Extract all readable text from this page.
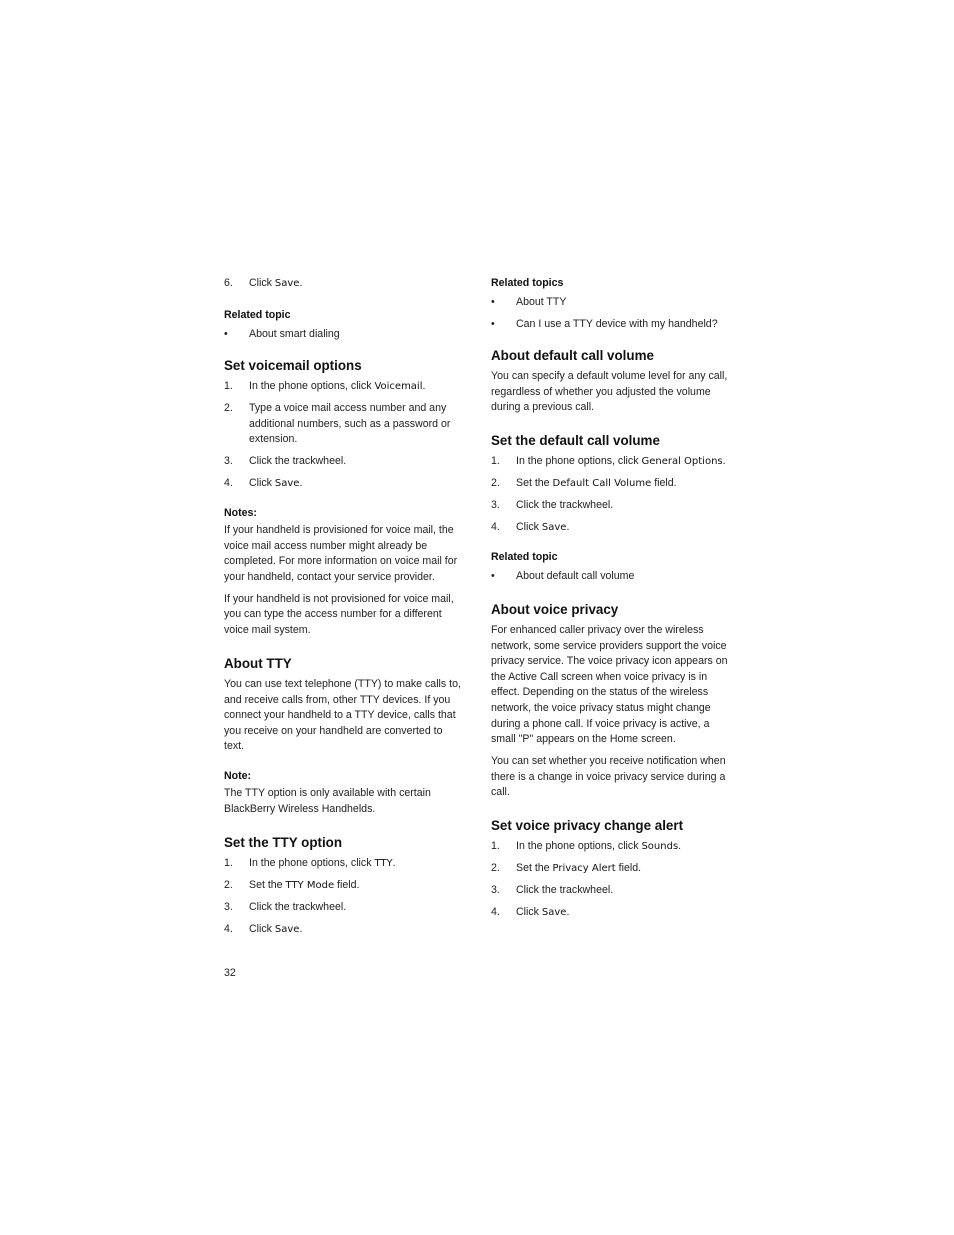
6.	Click Save.
Related topic
•	About smart dialing
Set voicemail options
1.	In the phone options, click Voicemail.
2.	Type a voice mail access number and any additional numbers, such as a password or extension.
3.	Click the trackwheel.
4.	Click Save.
Notes:

If your handheld is provisioned for voice mail, the voice mail access number might already be completed. For more information on voice mail for your handheld, contact your service provider.

If your handheld is not provisioned for voice mail, you can type the access number for a different voice mail system.

About TTY

You can use text telephone (TTY) to make calls to, and receive calls from, other TTY devices. If you connect your handheld to a TTY device, calls that you receive on your handheld are converted to text.

Note:

The TTY option is only available with certain BlackBerry Wireless Handhelds.

Set the TTY option
1.	In the phone options, click TTY.
2.	Set the TTY Mode field.
3.	Click the trackwheel.
4.	Click Save.
Related topics
•	About TTY
•	Can I use a TTY device with my handheld?
About default call volume

You can specify a default volume level for any call, regardless of whether you adjusted the volume during a previous call.

Set the default call volume
1.	In the phone options, click General Options.
2.	Set the Default Call Volume field.
3.	Click the trackwheel.
4.	Click Save.
Related topic
•	About default call volume
About voice privacy

For enhanced caller privacy over the wireless network, some service providers support the voice privacy service. The voice privacy icon appears on the Active Call screen when voice privacy is in effect. Depending on the status of the wireless network, the voice privacy status might change during a phone call. If voice privacy is active, a small "P" appears on the Home screen.

You can set whether you receive notification when there is a change in voice privacy service during a call.

Set voice privacy change alert
1.	In the phone options, click Sounds.
2.	Set the Privacy Alert field.
3.	Click the trackwheel.
4.	Click Save.
32
